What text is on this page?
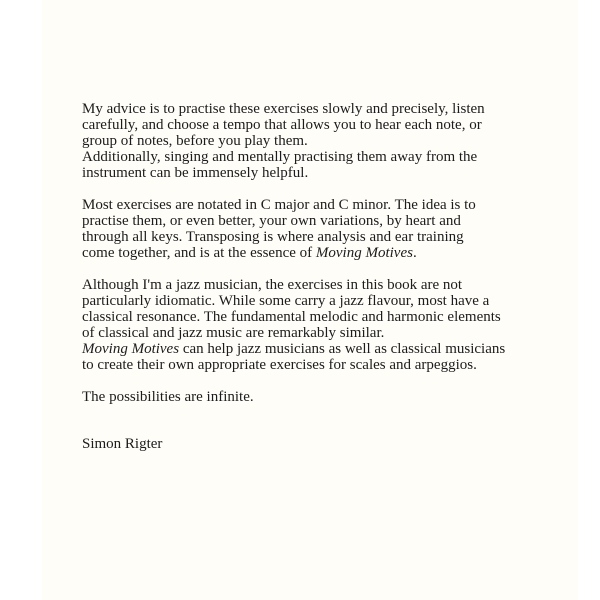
My advice is to practise these exercises slowly and precisely, listen
carefully, and choose a tempo that allows you to hear each note, or
group of notes, before you play them.
Additionally, singing and mentally practising them away from the
instrument can be immensely helpful.

Most exercises are notated in C major and C minor. The idea is to
practise them, or even better, your own variations, by heart and
through all keys. Transposing is where analysis and ear training
come together, and is at the essence of Moving Motives.

Although I'm a jazz musician, the exercises in this book are not
particularly idiomatic. While some carry a jazz flavour, most have a
classical resonance. The fundamental melodic and harmonic elements
of classical and jazz music are remarkably similar.
Moving Motives can help jazz musicians as well as classical musicians
to create their own appropriate exercises for scales and arpeggios.

The possibilities are infinite.

Simon Rigter
